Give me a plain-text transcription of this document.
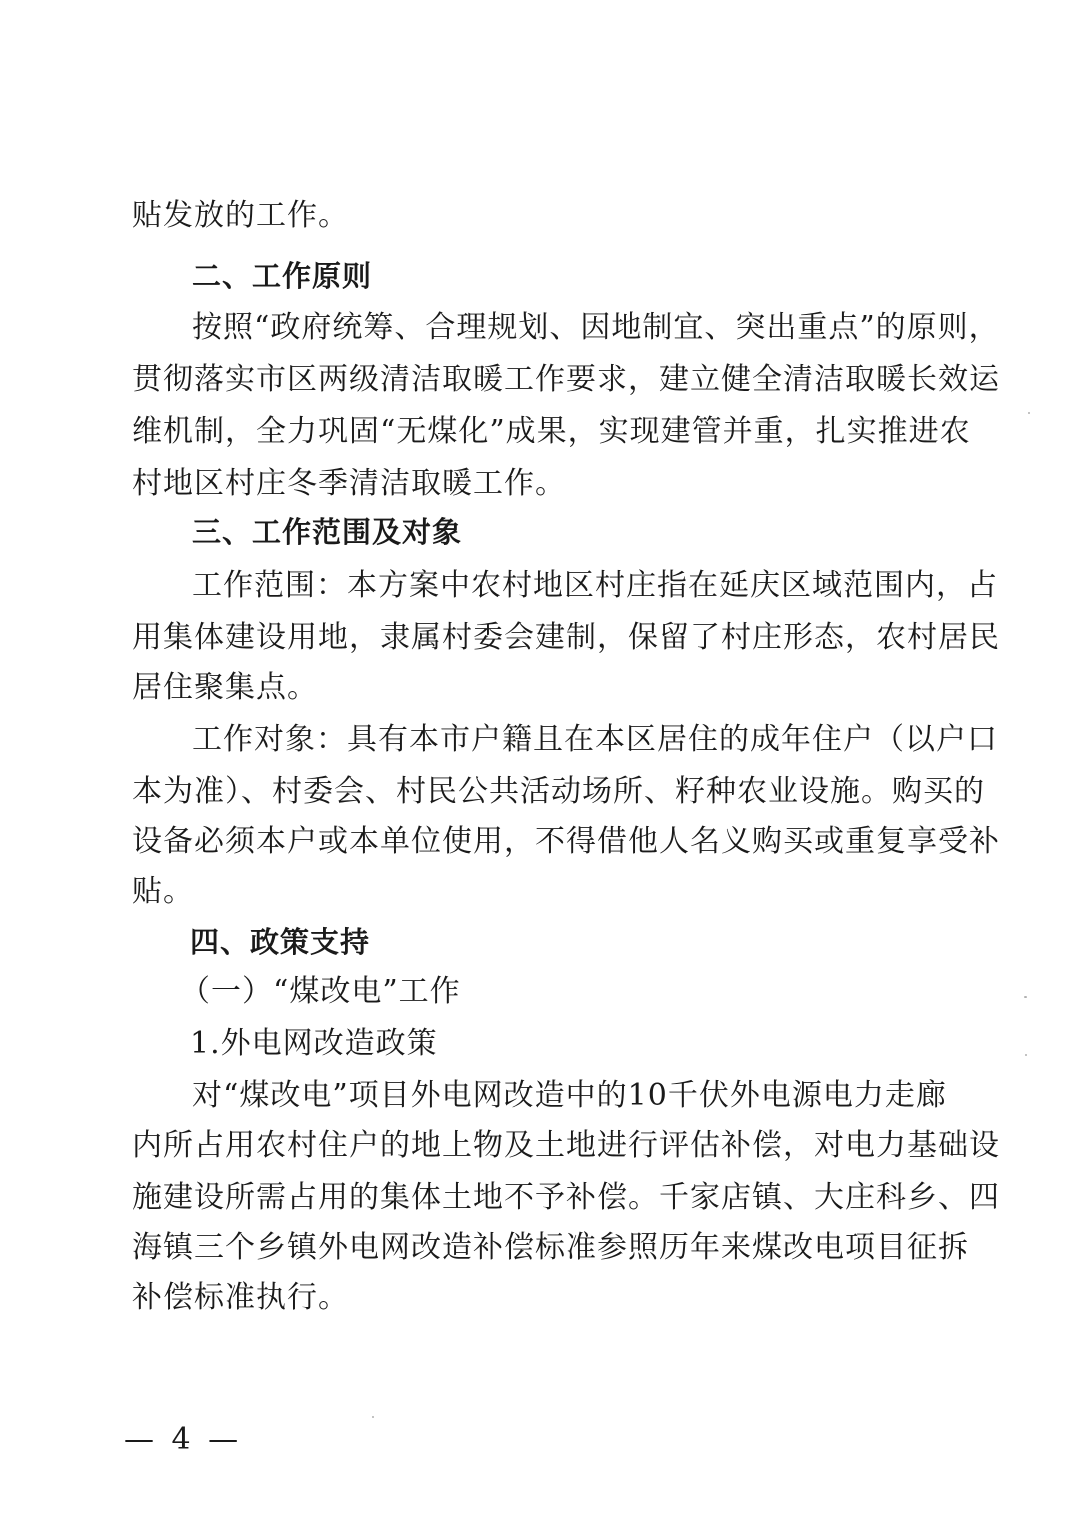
贴发放的工作。
二、工作原则
按照“政府统筹、合理规划、因地制宜、突出重点”的原则，
贯彻落实市区两级清洁取暖工作要求，建立健全清洁取暖长效运
维机制，全力巩固“无煤化”成果，实现建管并重，扎实推进农
村地区村庄冬季清洁取暖工作。
三、工作范围及对象
工作范围：本方案中农村地区村庄指在延庆区域范围内，占
用集体建设用地，隶属村委会建制，保留了村庄形态，农村居民
居住聚集点。
工作对象：具有本市户籍且在本区居住的成年住户（以户口
本为准）、村委会、村民公共活动场所、籽种农业设施。购买的
设备必须本户或本单位使用，不得借他人名义购买或重复享受补
贴。
四、政策支持
（一）“煤改电”工作
1.外电网改造政策
对“煤改电”项目外电网改造中的10千伏外电源电力走廊
内所占用农村住户的地上物及土地进行评估补偿，对电力基础设
施建设所需占用的集体土地不予补偿。千家店镇、大庄科乡、四
海镇三个乡镇外电网改造补偿标准参照历年来煤改电项目征拆
补偿标准执行。
— 4 —
